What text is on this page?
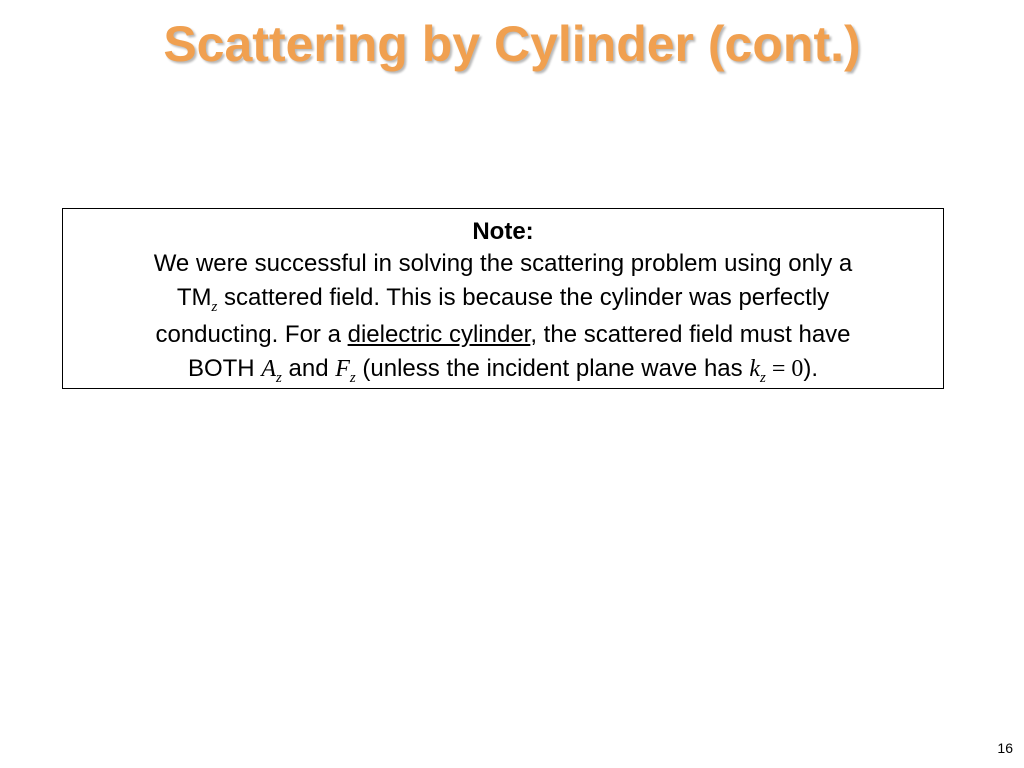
Scattering by Cylinder (cont.)
Note:
We were successful in solving the scattering problem using only a
$TM_z$ scattered field. This is because the cylinder was perfectly
conducting. For a dielectric cylinder, the scattered field must have
BOTH $A_z$ and $F_z$ (unless the incident plane wave has $k_z = 0$).
16
